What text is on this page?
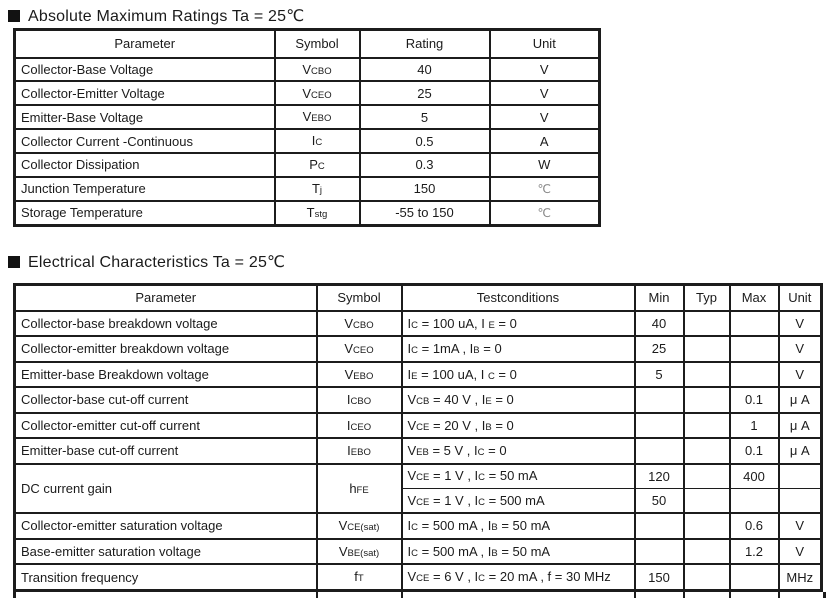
Absolute Maximum Ratings Ta = 25℃
Parameter	Symbol	Rating	Unit
Collector-Base Voltage	VCBO	40	V
Collector-Emitter Voltage	VCEO	25	V
Emitter-Base Voltage	VEBO	5	V
Collector Current -Continuous	IC	0.5	A
Collector Dissipation	PC	0.3	W
Junction Temperature	Tj	150	℃
Storage Temperature	Tstg	-55 to 150	℃
Electrical Characteristics Ta = 25℃
Parameter	Symbol	Testconditions	Min	Typ	Max	Unit
Collector-base breakdown voltage	VCBO	IC = 100 uA, I E = 0	40			V
Collector-emitter breakdown voltage	VCEO	IC = 1mA , IB = 0	25			V
Emitter-base Breakdown voltage	VEBO	IE = 100 uA, I C = 0	5			V
Collector-base cut-off current	ICBO	VCB = 40 V , IE = 0			0.1	μ A
Collector-emitter cut-off current	ICEO	VCE = 20 V , IB = 0			1	μ A
Emitter-base cut-off current	IEBO	VEB = 5 V , IC = 0			0.1	μ A
DC current gain	hFE	VCE = 1 V , IC = 50 mA	120		400	
		VCE = 1 V , IC = 500 mA	50			
Collector-emitter saturation voltage	VCE(sat)	IC = 500 mA , IB = 50 mA			0.6	V
Base-emitter saturation voltage	VBE(sat)	IC = 500 mA , IB = 50 mA			1.2	V
Transition frequency	fT	VCE = 6 V , IC = 20 mA , f = 30 MHz	150			MHz
